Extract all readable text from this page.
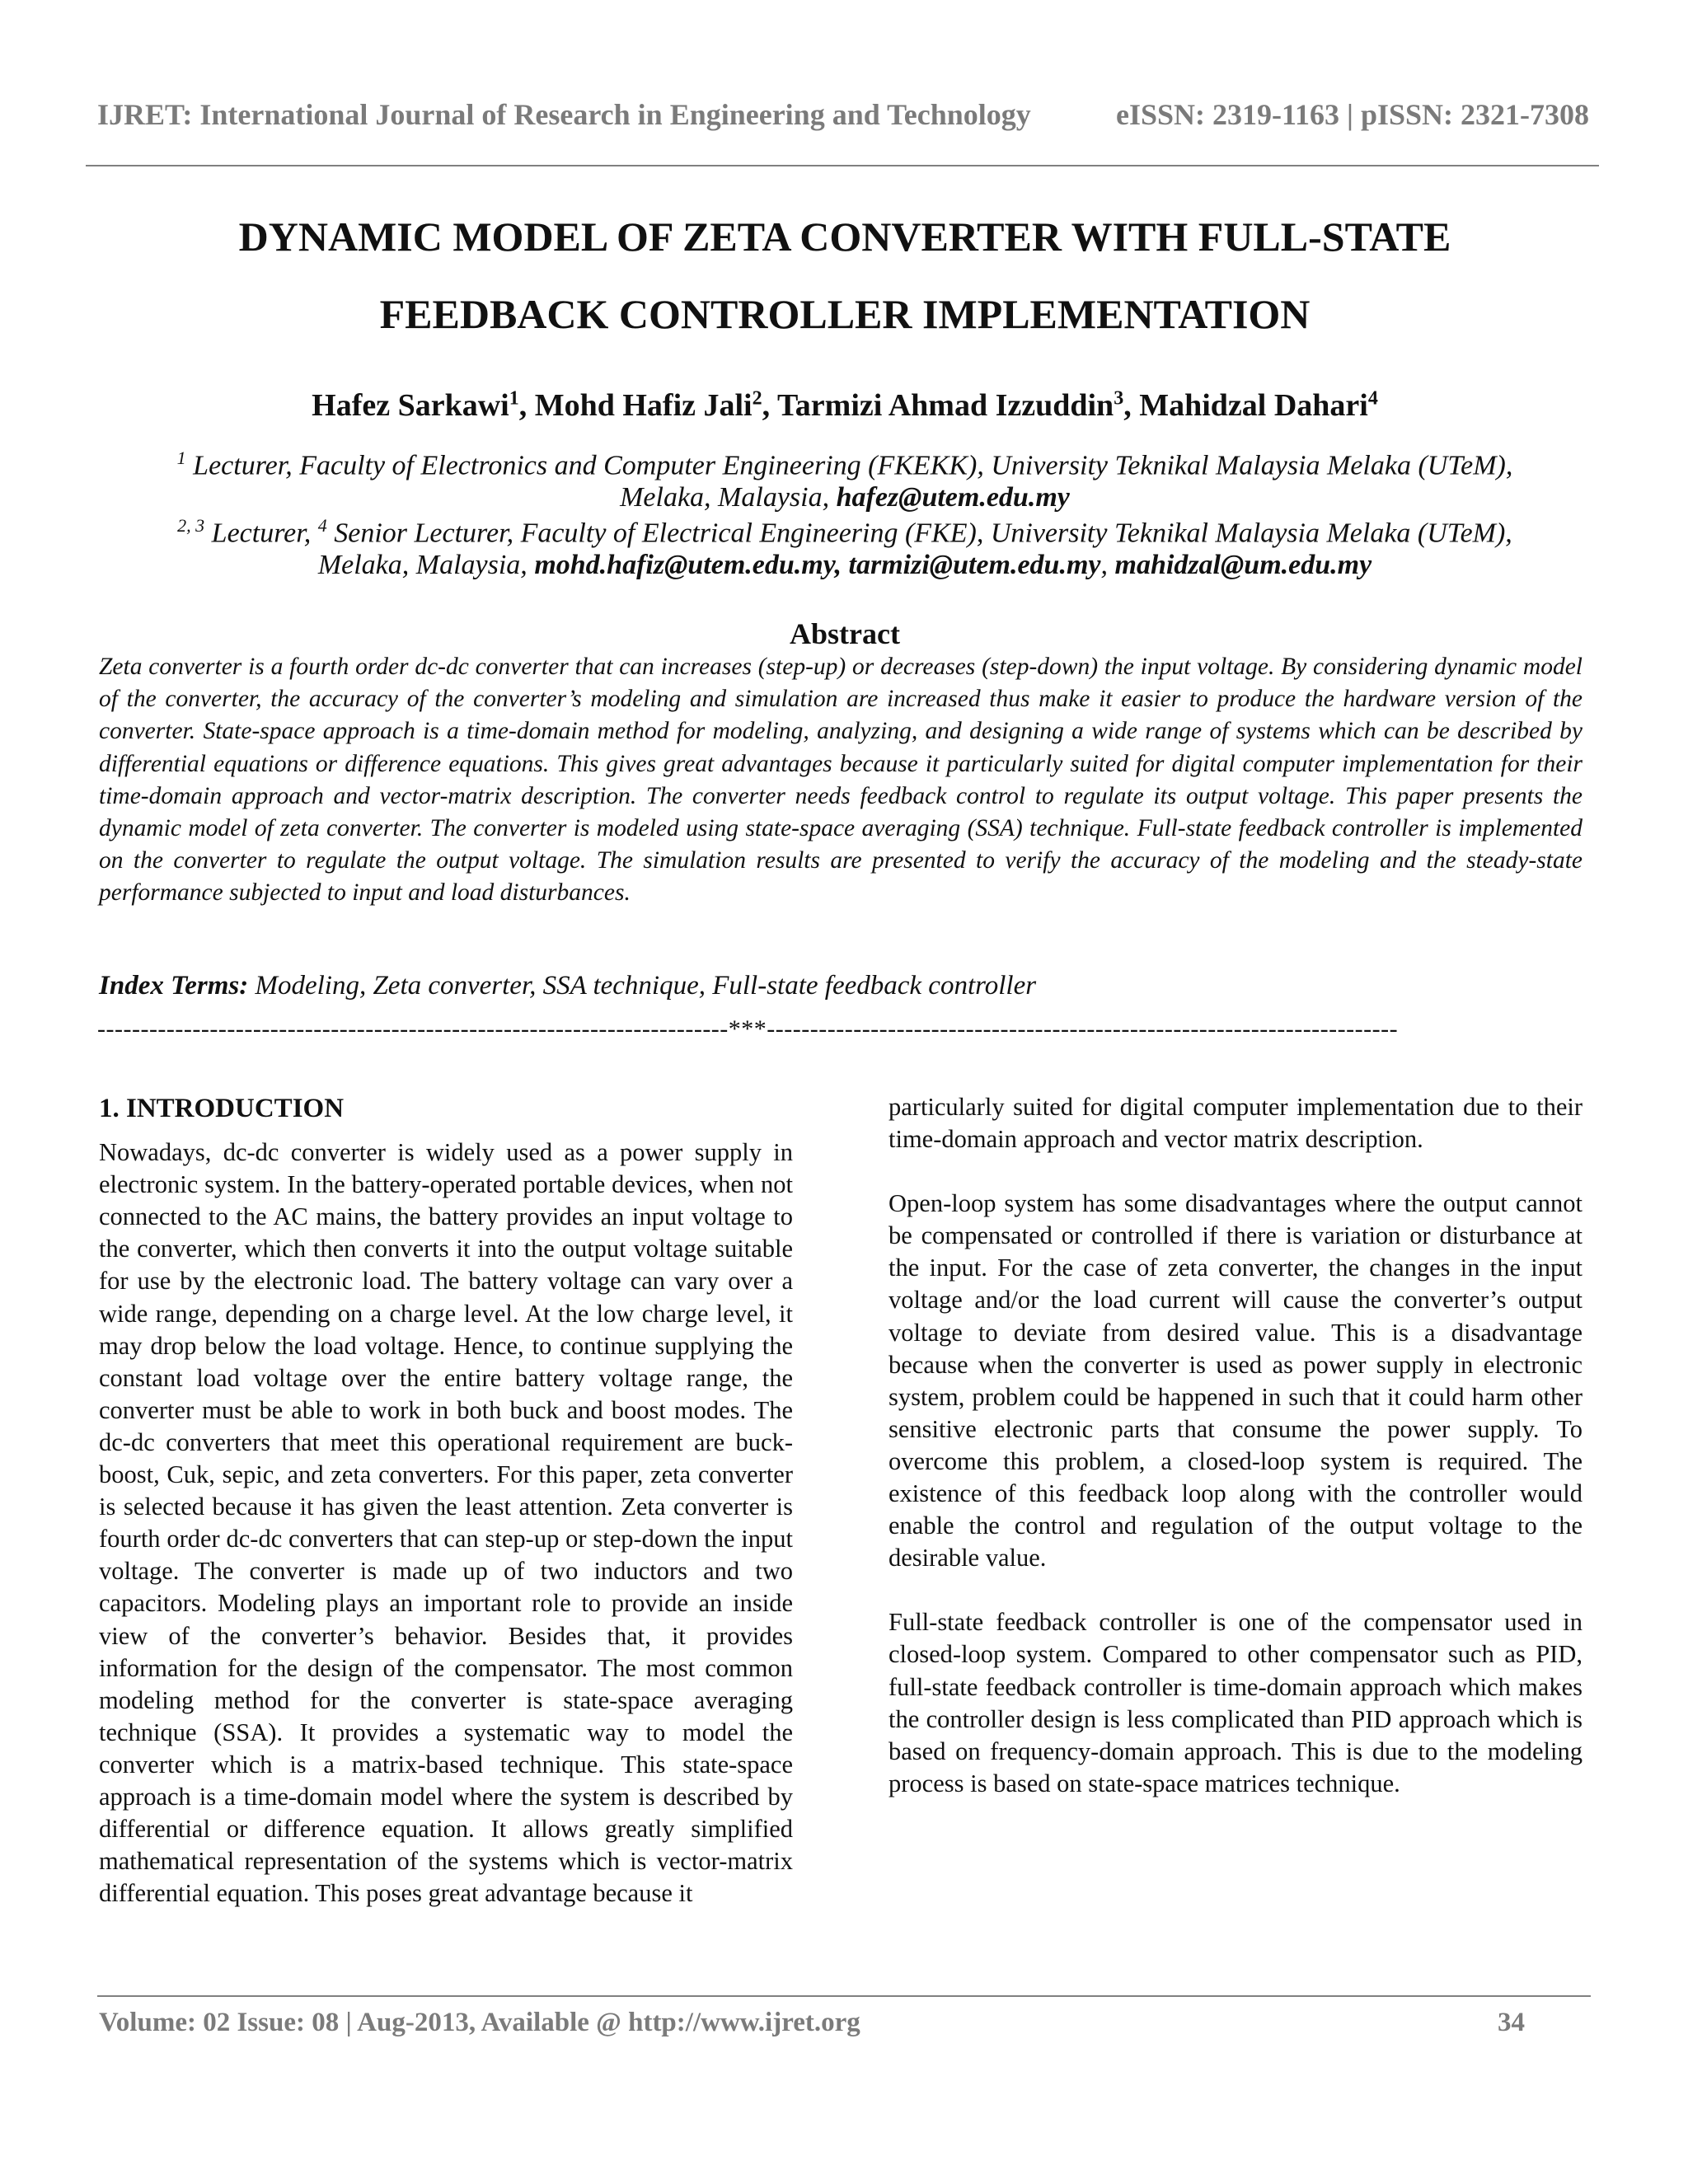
IJRET: International Journal of Research in Engineering and Technology	eISSN: 2319-1163 | pISSN: 2321-7308
DYNAMIC MODEL OF ZETA CONVERTER WITH FULL-STATE
FEEDBACK CONTROLLER IMPLEMENTATION
Hafez Sarkawi$^1$, Mohd Hafiz Jali$^2$, Tarmizi Ahmad Izzuddin$^3$, Mahidzal Dahari$^4$
$^1$ Lecturer, Faculty of Electronics and Computer Engineering (FKEKK), University Teknikal Malaysia Melaka (UTeM),
Melaka, Malaysia, hafez@utem.edu.my
$^{2, 3}$ Lecturer, $^4$ Senior Lecturer, Faculty of Electrical Engineering (FKE), University Teknikal Malaysia Melaka (UTeM),
Melaka, Malaysia, mohd.hafiz@utem.edu.my, tarmizi@utem.edu.my, mahidzal@um.edu.my
Abstract
Zeta converter is a fourth order dc-dc converter that can increases (step-up) or decreases (step-down) the input voltage. By considering dynamic model of the converter, the accuracy of the converter’s modeling and simulation are increased thus make it easier to produce the hardware version of the converter. State-space approach is a time-domain method for modeling, analyzing, and designing a wide range of systems which can be described by differential equations or difference equations. This gives great advantages because it particularly suited for digital computer implementation for their time-domain approach and vector-matrix description. The converter needs feedback control to regulate its output voltage. This paper presents the dynamic model of zeta converter. The converter is modeled using state-space averaging (SSA) technique. Full-state feedback controller is implemented on the converter to regulate the output voltage. The simulation results are presented to verify the accuracy of the modeling and the steady-state performance subjected to input and load disturbances.
Index Terms: Modeling, Zeta converter, SSA technique, Full-state feedback controller
-------------------------------------------------------------------------***-------------------------------------------------------------------------
1. INTRODUCTION

Nowadays, dc-dc converter is widely used as a power supply in electronic system. In the battery-operated portable devices, when not connected to the AC mains, the battery provides an input voltage to the converter, which then converts it into the output voltage suitable for use by the electronic load. The battery voltage can vary over a wide range, depending on a charge level. At the low charge level, it may drop below the load voltage. Hence, to continue supplying the constant load voltage over the entire battery voltage range, the converter must be able to work in both buck and boost modes. The dc-dc converters that meet this operational requirement are buck-boost, Cuk, sepic, and zeta converters. For this paper, zeta converter is selected because it has given the least attention. Zeta converter is fourth order dc-dc converters that can step-up or step-down the input voltage. The converter is made up of two inductors and two capacitors. Modeling plays an important role to provide an inside view of the converter’s behavior. Besides that, it provides information for the design of the compensator. The most common modeling method for the converter is state-space averaging technique (SSA). It provides a systematic way to model the converter which is a matrix-based technique. This state-space approach is a time-domain model where the system is described by differential or difference equation. It allows greatly simplified mathematical representation of the systems which is vector-matrix differential equation. This poses great advantage because it

particularly suited for digital computer implementation due to their time-domain approach and vector matrix description.

Open-loop system has some disadvantages where the output cannot be compensated or controlled if there is variation or disturbance at the input. For the case of zeta converter, the changes in the input voltage and/or the load current will cause the converter’s output voltage to deviate from desired value. This is a disadvantage because when the converter is used as power supply in electronic system, problem could be happened in such that it could harm other sensitive electronic parts that consume the power supply. To overcome this problem, a closed-loop system is required. The existence of this feedback loop along with the controller would enable the control and regulation of the output voltage to the desirable value.

Full-state feedback controller is one of the compensator used in closed-loop system. Compared to other compensator such as PID, full-state feedback controller is time-domain approach which makes the controller design is less complicated than PID approach which is based on frequency-domain approach. This is due to the modeling process is based on state-space matrices technique.

Volume: 02 Issue: 08 | Aug-2013, Available @ http://www.ijret.org	34
